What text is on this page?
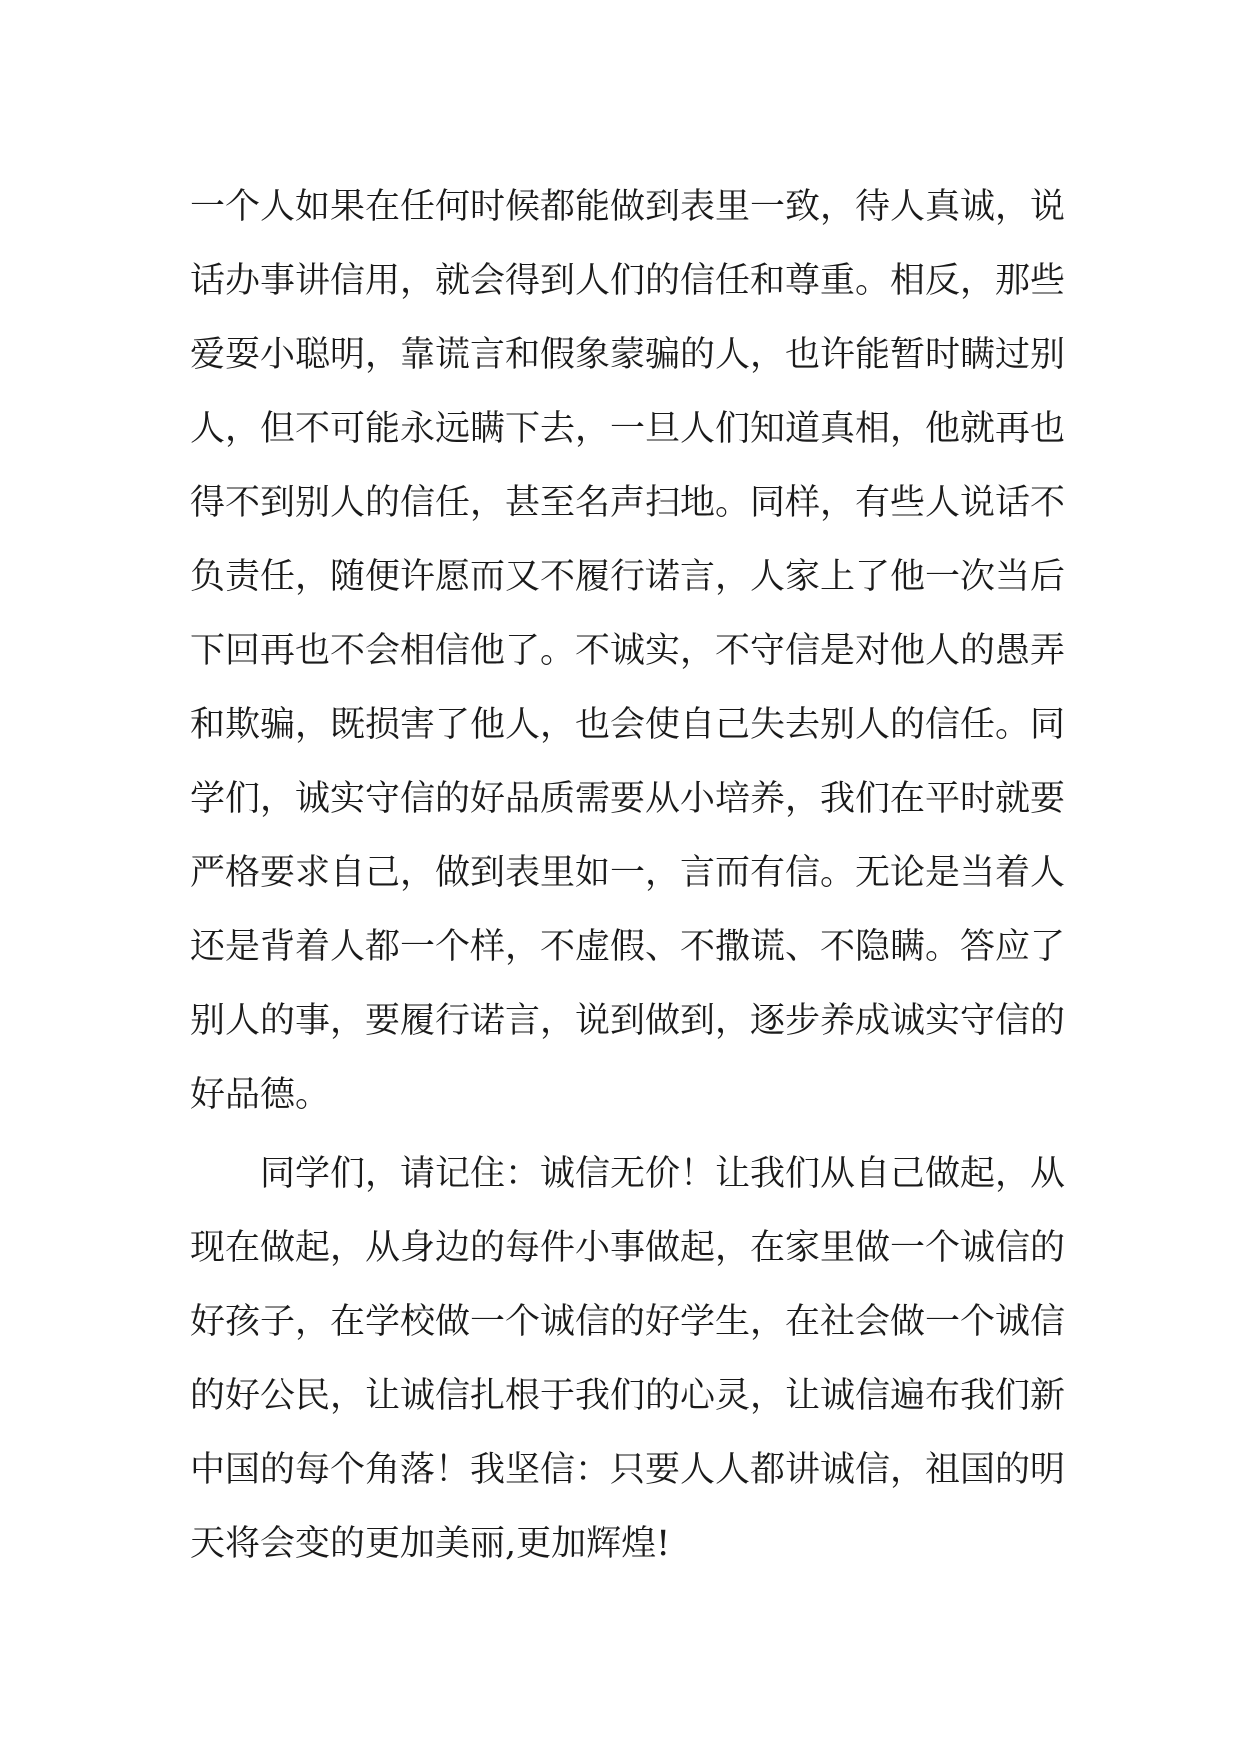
一个人如果在任何时候都能做到表里一致，待人真诚，说
话办事讲信用，就会得到人们的信任和尊重。相反，那些
爱耍小聪明，靠谎言和假象蒙骗的人，也许能暂时瞒过别
人，但不可能永远瞒下去，一旦人们知道真相，他就再也
得不到别人的信任，甚至名声扫地。同样，有些人说话不
负责任，随便许愿而又不履行诺言，人家上了他一次当后
下回再也不会相信他了。不诚实，不守信是对他人的愚弄
和欺骗，既损害了他人，也会使自己失去别人的信任。同
学们，诚实守信的好品质需要从小培养，我们在平时就要
严格要求自己，做到表里如一，言而有信。无论是当着人
还是背着人都一个样，不虚假、不撒谎、不隐瞒。答应了
别人的事，要履行诺言，说到做到，逐步养成诚实守信的
好品德。
同学们，请记住：诚信无价！让我们从自己做起，从
现在做起，从身边的每件小事做起，在家里做一个诚信的
好孩子，在学校做一个诚信的好学生，在社会做一个诚信
的好公民，让诚信扎根于我们的心灵，让诚信遍布我们新
中国的每个角落！我坚信：只要人人都讲诚信，祖国的明
天将会变的更加美丽,更加辉煌!
